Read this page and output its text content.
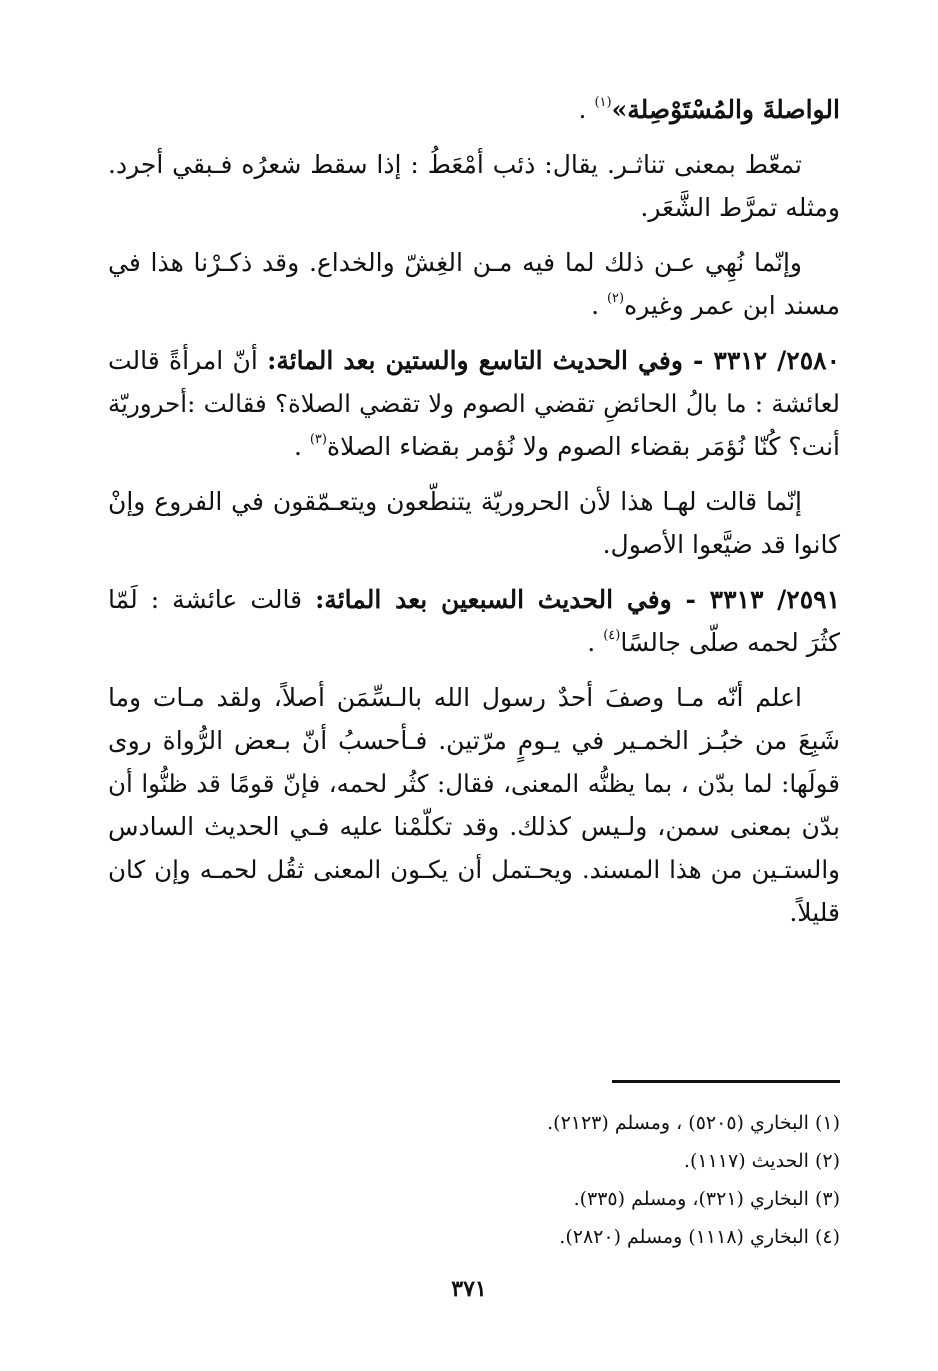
الواصلةَ والمُسْتَوْصِلة»$^{(١)}$ .
تمعّط بمعنى تناثـر. يقال: ذئب أمْعَطُ : إذا سقط شعرُه فـبقي أجرد.
ومثله تمرَّط الشَّعَر.
وإنّما نُهِي عـن ذلك لما فيه مـن الغِشّ والخداع. وقد ذكـرْنا هذا في
مسند ابن عمر وغيره$^{(٢)}$ .
٢٥٨٠/ ٣٣١٢ - وفي الحديث التاسع والستين بعد المائة: أنّ امرأةً قالت
لعائشة : ما بالُ الحائضِ تقضي الصوم ولا تقضي الصلاة؟ فقالت :أحروريّة
أنت؟ كُنّا نُؤمَر بقضاء الصوم ولا نُؤمر بقضاء الصلاة$^{(٣)}$ .
إنّما قالت لهـا هذا لأن الحروريّة يتنطّعون ويتعـمّقون في الفروع وإنْ
كانوا قد ضيَّعوا الأصول.
٢٥٩١/ ٣٣١٣ - وفي الحديث السبعين بعد المائة: قالت عائشة : لَمّا
كثُرَ لحمه صلّى جالسًا$^{(٤)}$ .
اعلم أنّه مـا وصفَ أحدٌ رسول الله بالـسِّمَن أصلاً، ولقد مـات وما
شَبِعَ من خبُـز الخمـير في يـومٍ مرّتين. فـأحسبُ أنّ بـعض الرُّواة روى
قولَها: لما بدّن ، بما يظنُّه المعنى، فقال: كثُر لحمه، فإنّ قومًا قد ظنُّوا أن
بدّن بمعنى سمن، ولـيس كذلك. وقد تكلّمْنا عليه فـي الحديث السادس
والستـين من هذا المسند. ويحـتمل أن يكـون المعنى ثقُل لحمـه وإن كان
قليلاً.
(١) البخاري (٥٢٠٥) ، ومسلم (٢١٢٣).
(٢) الحديث (١١١٧).
(٣) البخاري (٣٢١)، ومسلم (٣٣٥).
(٤) البخاري (١١١٨) ومسلم (٢٨٢٠).
٣٧١
